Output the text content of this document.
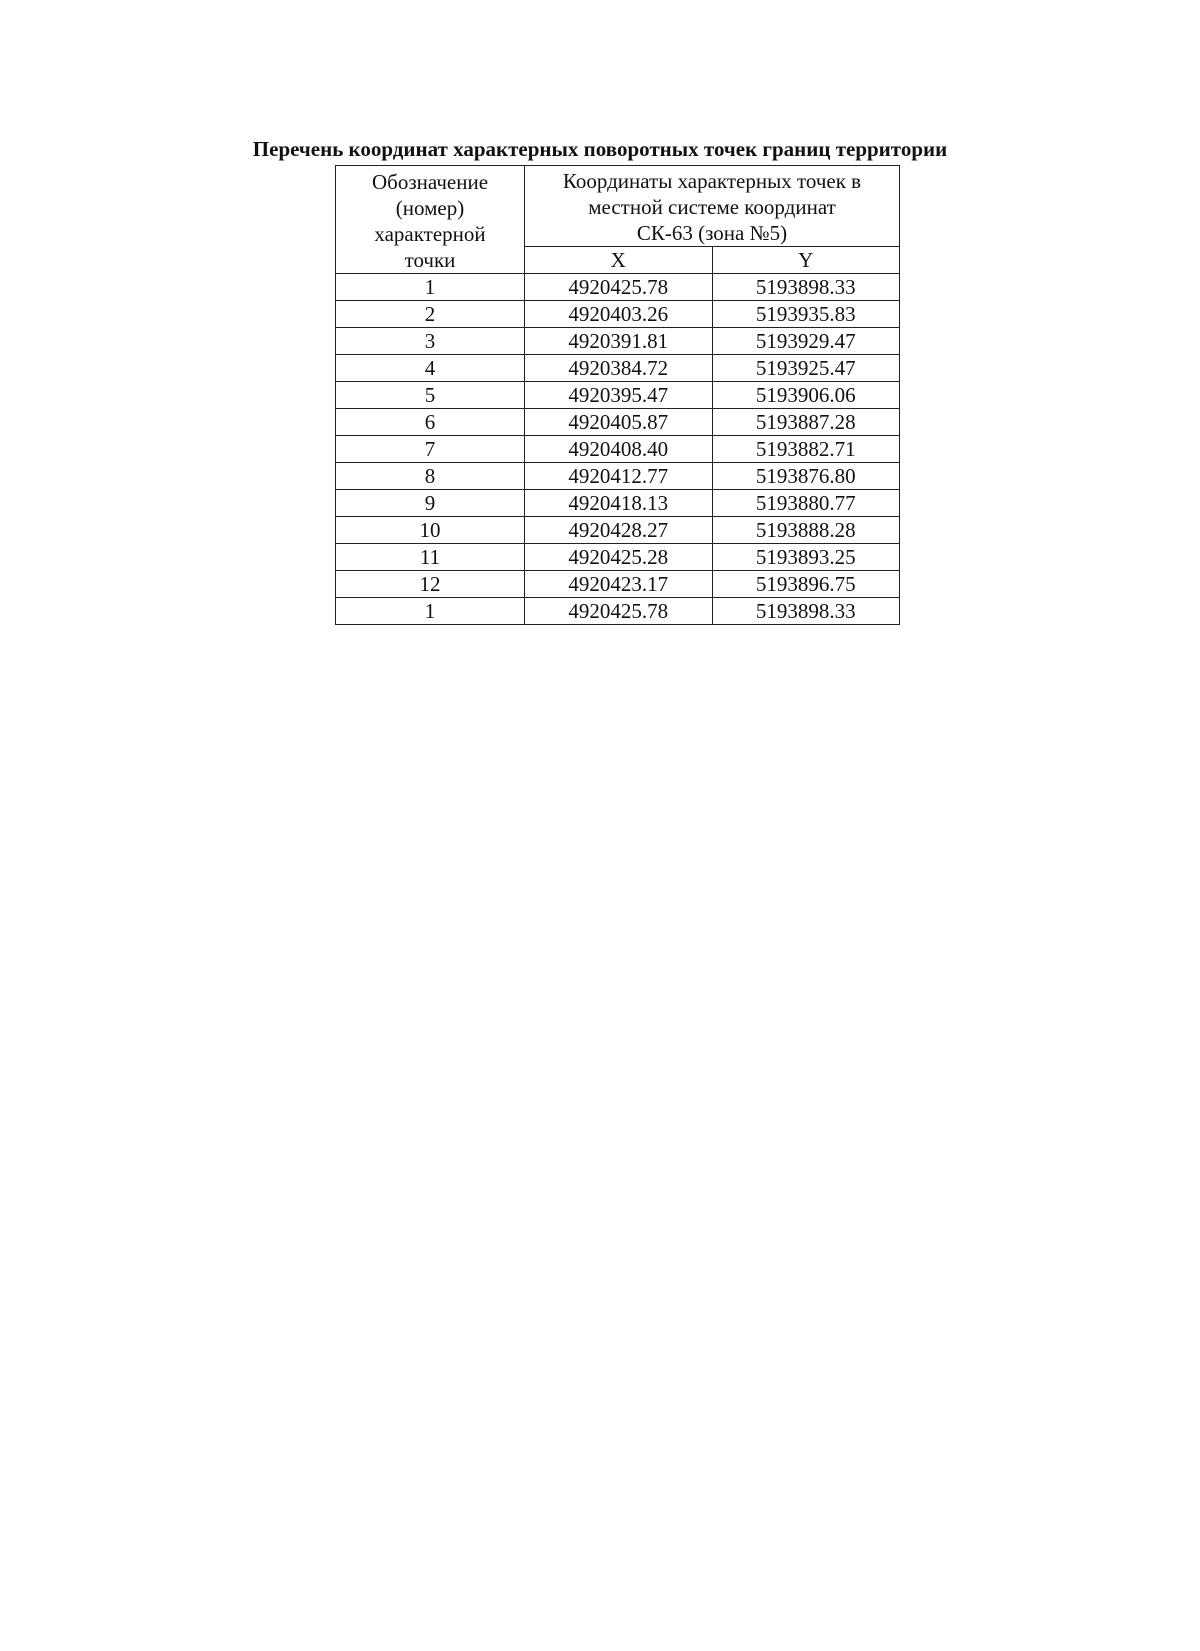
Перечень координат характерных поворотных точек границ территории
Обозначение
(номер)
характерной
точки	Координаты характерных точек в
местной системе координат
СК-63 (зона №5)	

	X	Y
1	4920425.78	5193898.33
2	4920403.26	5193935.83
3	4920391.81	5193929.47
4	4920384.72	5193925.47
5	4920395.47	5193906.06
6	4920405.87	5193887.28
7	4920408.40	5193882.71
8	4920412.77	5193876.80
9	4920418.13	5193880.77
10	4920428.27	5193888.28
11	4920425.28	5193893.25
12	4920423.17	5193896.75
1	4920425.78	5193898.33
